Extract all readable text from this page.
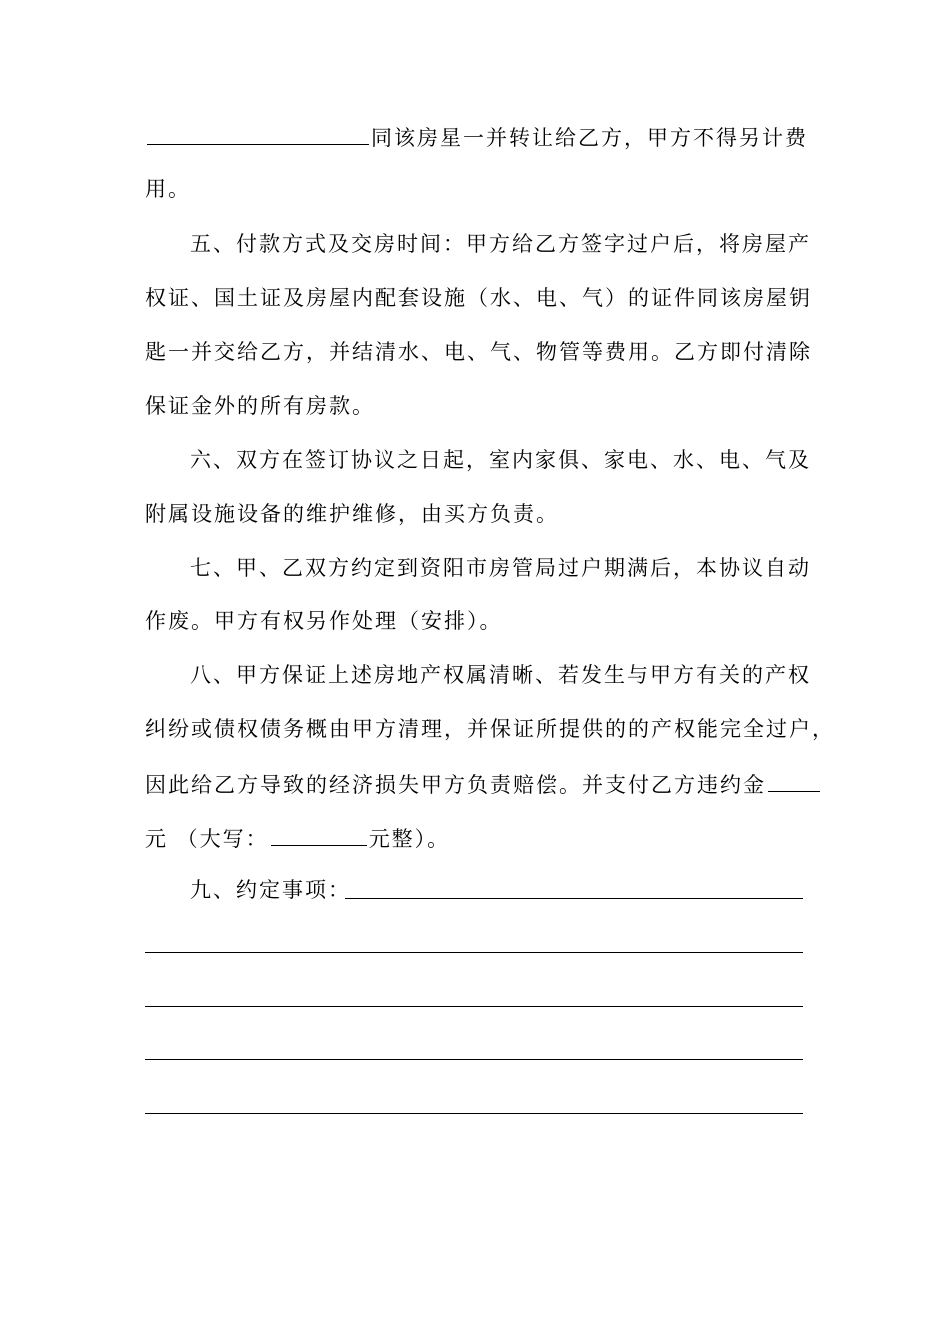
同该房星一并转让给乙方，甲方不得另计费
用。
五、付款方式及交房时间：甲方给乙方签字过户后，将房屋产
权证、国土证及房屋内配套设施（水、电、气）的证件同该房屋钥
匙一并交给乙方，并结清水、电、气、物管等费用。乙方即付清除
保证金外的所有房款。
六、双方在签订协议之日起，室内家俱、家电、水、电、气及
附属设施设备的维护维修，由买方负责。
七、甲、乙双方约定到资阳市房管局过户期满后，本协议自动
作废。甲方有权另作处理（安排）。
八、甲方保证上述房地产权属清晰、若发生与甲方有关的产权
纠纷或债权债务概由甲方清理，并保证所提供的的产权能完全过户，
因此给乙方导致的经济损失甲方负责赔偿。并支付乙方违约金
元 （大写：	元整）。
九、约定事项：
